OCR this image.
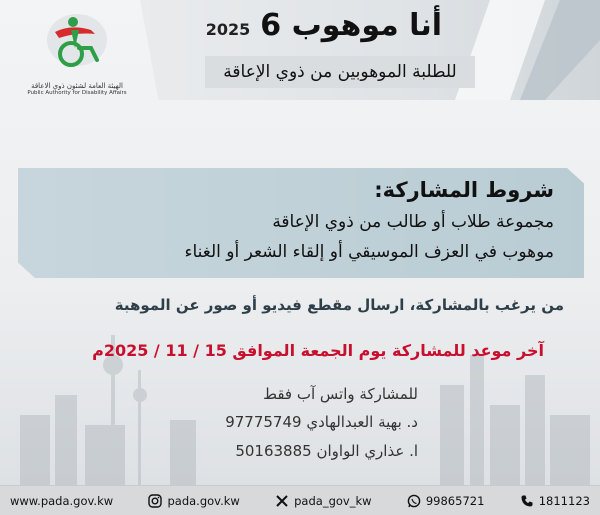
أنا موهوب 6
2025
للطلبة الموهوبين من ذوي الإعاقة
الهيئة العامة لشئون ذوي الاعاقة
Public Authority for Disability Affairs
شروط المشاركة:
مجموعة طلاب أو طالب من ذوي الإعاقة
موهوب في العزف الموسيقي أو إلقاء الشعر أو الغناء
من يرغب بالمشاركة، ارسال مقطع فيديو أو صور عن الموهبة
آخر موعد للمشاركة يوم الجمعة الموافق 15 / 11 / 2025م
للمشاركة واتس آب فقط
د. بهية العبدالهادي 97775749
ا. عذاري الواوان 50163885
www.pada.gov.kw	pada.gov.kw	pada_gov_kw	99865721	1811123
